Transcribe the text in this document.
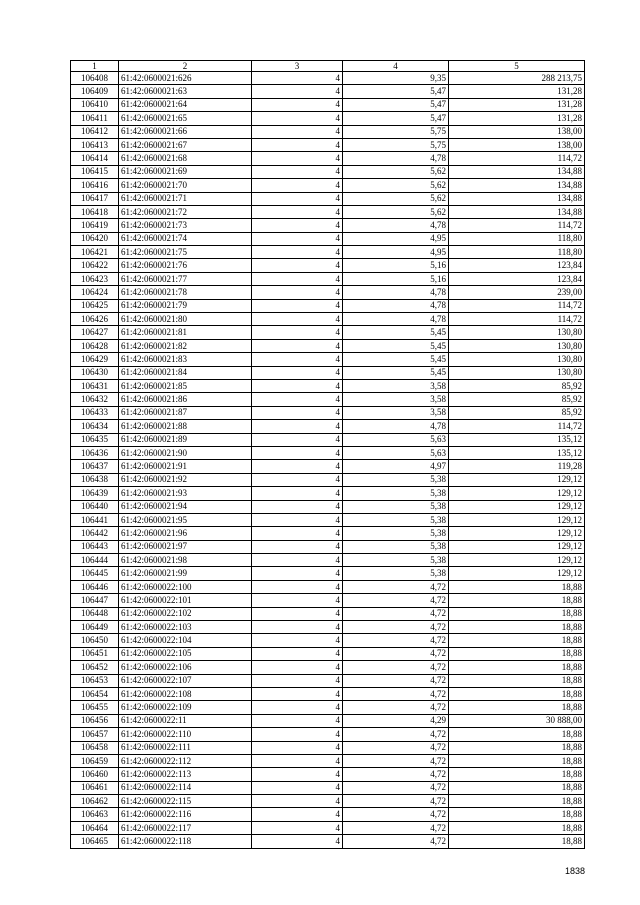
1	2	3	4	5
106408	61:42:0600021:626	4	9,35	288 213,75
106409	61:42:0600021:63	4	5,47	131,28
106410	61:42:0600021:64	4	5,47	131,28
106411	61:42:0600021:65	4	5,47	131,28
106412	61:42:0600021:66	4	5,75	138,00
106413	61:42:0600021:67	4	5,75	138,00
106414	61:42:0600021:68	4	4,78	114,72
106415	61:42:0600021:69	4	5,62	134,88
106416	61:42:0600021:70	4	5,62	134,88
106417	61:42:0600021:71	4	5,62	134,88
106418	61:42:0600021:72	4	5,62	134,88
106419	61:42:0600021:73	4	4,78	114,72
106420	61:42:0600021:74	4	4,95	118,80
106421	61:42:0600021:75	4	4,95	118,80
106422	61:42:0600021:76	4	5,16	123,84
106423	61:42:0600021:77	4	5,16	123,84
106424	61:42:0600021:78	4	4,78	239,00
106425	61:42:0600021:79	4	4,78	114,72
106426	61:42:0600021:80	4	4,78	114,72
106427	61:42:0600021:81	4	5,45	130,80
106428	61:42:0600021:82	4	5,45	130,80
106429	61:42:0600021:83	4	5,45	130,80
106430	61:42:0600021:84	4	5,45	130,80
106431	61:42:0600021:85	4	3,58	85,92
106432	61:42:0600021:86	4	3,58	85,92
106433	61:42:0600021:87	4	3,58	85,92
106434	61:42:0600021:88	4	4,78	114,72
106435	61:42:0600021:89	4	5,63	135,12
106436	61:42:0600021:90	4	5,63	135,12
106437	61:42:0600021:91	4	4,97	119,28
106438	61:42:0600021:92	4	5,38	129,12
106439	61:42:0600021:93	4	5,38	129,12
106440	61:42:0600021:94	4	5,38	129,12
106441	61:42:0600021:95	4	5,38	129,12
106442	61:42:0600021:96	4	5,38	129,12
106443	61:42:0600021:97	4	5,38	129,12
106444	61:42:0600021:98	4	5,38	129,12
106445	61:42:0600021:99	4	5,38	129,12
106446	61:42:0600022:100	4	4,72	18,88
106447	61:42:0600022:101	4	4,72	18,88
106448	61:42:0600022:102	4	4,72	18,88
106449	61:42:0600022:103	4	4,72	18,88
106450	61:42:0600022:104	4	4,72	18,88
106451	61:42:0600022:105	4	4,72	18,88
106452	61:42:0600022:106	4	4,72	18,88
106453	61:42:0600022:107	4	4,72	18,88
106454	61:42:0600022:108	4	4,72	18,88
106455	61:42:0600022:109	4	4,72	18,88
106456	61:42:0600022:11	4	4,29	30 888,00
106457	61:42:0600022:110	4	4,72	18,88
106458	61:42:0600022:111	4	4,72	18,88
106459	61:42:0600022:112	4	4,72	18,88
106460	61:42:0600022:113	4	4,72	18,88
106461	61:42:0600022:114	4	4,72	18,88
106462	61:42:0600022:115	4	4,72	18,88
106463	61:42:0600022:116	4	4,72	18,88
106464	61:42:0600022:117	4	4,72	18,88
106465	61:42:0600022:118	4	4,72	18,88
1838
